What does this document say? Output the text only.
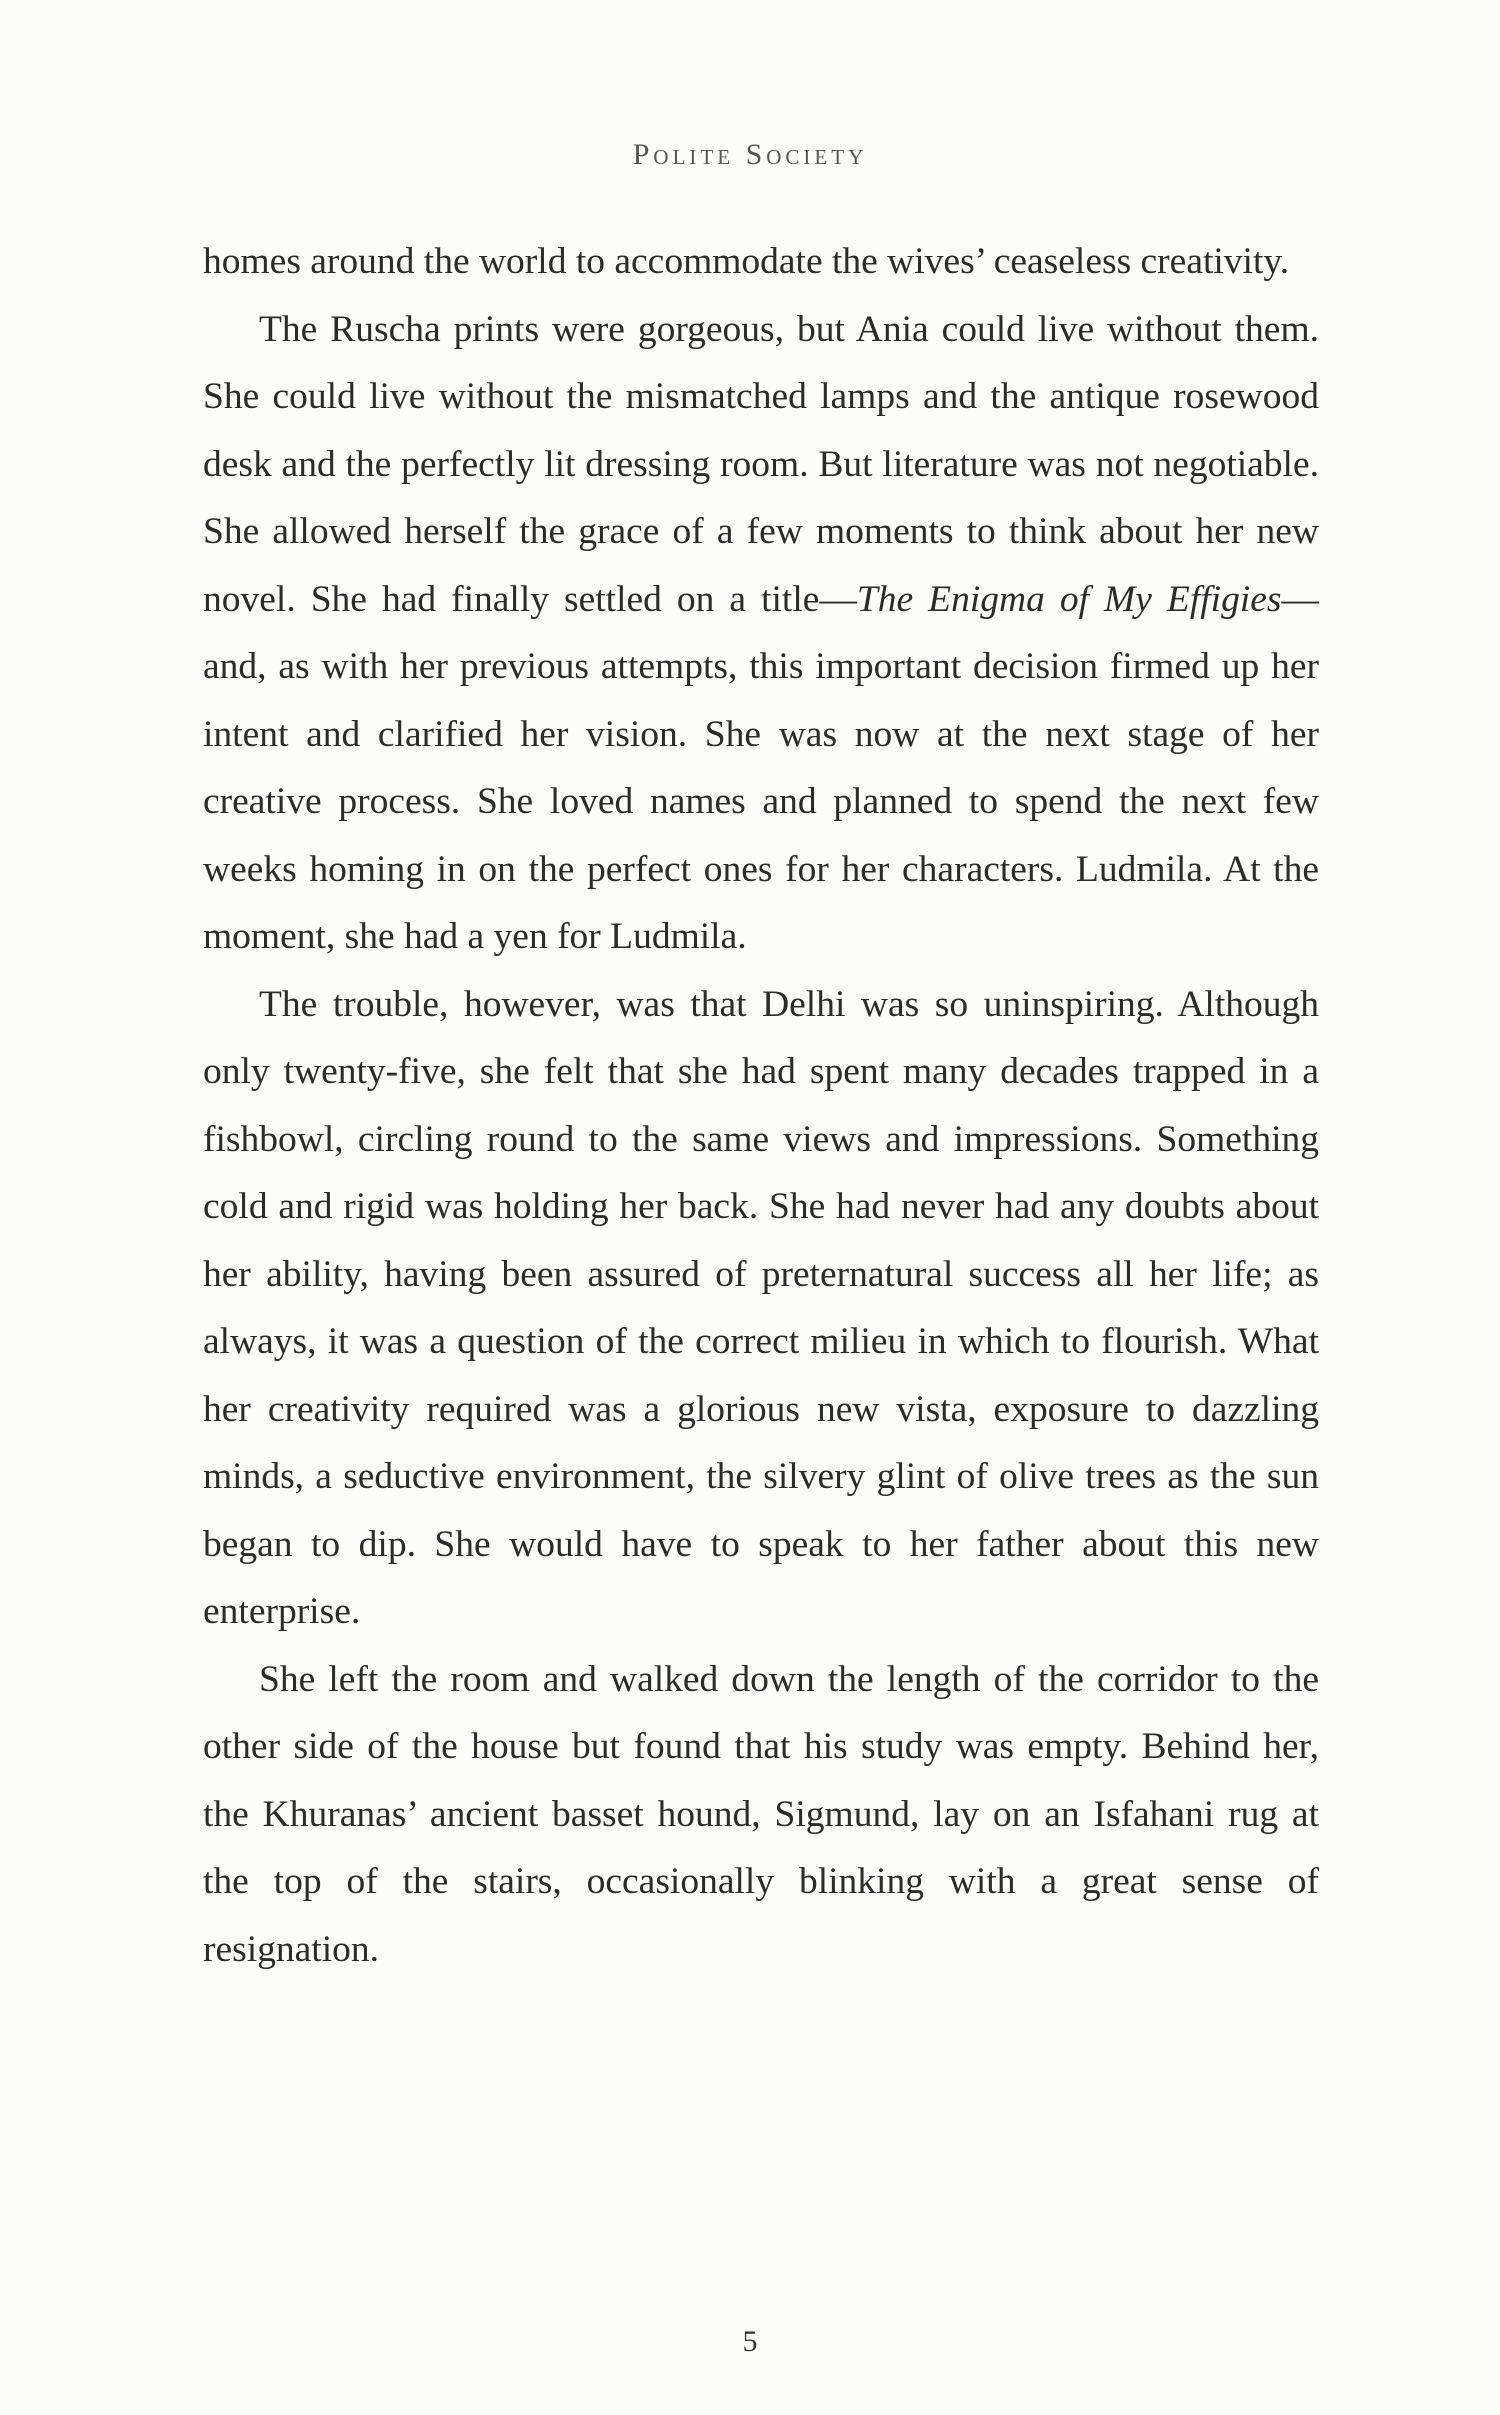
Polite Society

homes around the world to accommodate the wives’ ceaseless creativity.

The Ruscha prints were gorgeous, but Ania could live without them. She could live without the mismatched lamps and the antique rosewood desk and the perfectly lit dressing room. But literature was not negotiable. She allowed herself the grace of a few moments to think about her new novel. She had finally settled on a title—The Enigma of My Effigies—and, as with her previous attempts, this important decision firmed up her intent and clarified her vision. She was now at the next stage of her creative process. She loved names and planned to spend the next few weeks homing in on the perfect ones for her characters. Ludmila. At the moment, she had a yen for Ludmila.

The trouble, however, was that Delhi was so uninspiring. Although only twenty-five, she felt that she had spent many decades trapped in a fishbowl, circling round to the same views and impressions. Something cold and rigid was holding her back. She had never had any doubts about her ability, having been assured of preternatural success all her life; as always, it was a question of the correct milieu in which to flourish. What her creativity required was a glorious new vista, exposure to dazzling minds, a seductive environment, the silvery glint of olive trees as the sun began to dip. She would have to speak to her father about this new enterprise.

She left the room and walked down the length of the corridor to the other side of the house but found that his study was empty. Behind her, the Khuranas’ ancient basset hound, Sigmund, lay on an Isfahani rug at the top of the stairs, occasionally blinking with a great sense of resignation.

5
